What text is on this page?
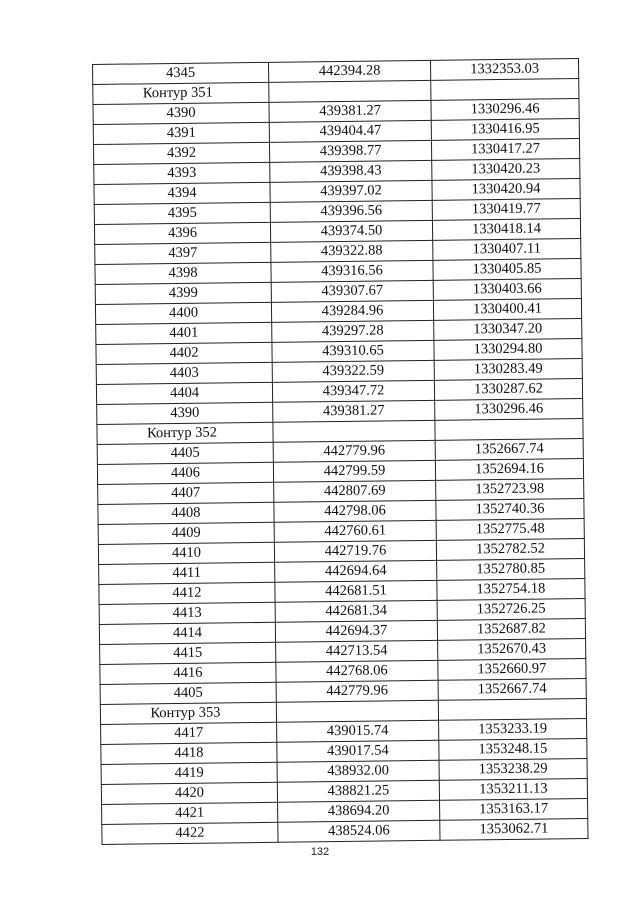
4345	442394.28	1332353.03
Контур 351		
4390	439381.27	1330296.46
4391	439404.47	1330416.95
4392	439398.77	1330417.27
4393	439398.43	1330420.23
4394	439397.02	1330420.94
4395	439396.56	1330419.77
4396	439374.50	1330418.14
4397	439322.88	1330407.11
4398	439316.56	1330405.85
4399	439307.67	1330403.66
4400	439284.96	1330400.41
4401	439297.28	1330347.20
4402	439310.65	1330294.80
4403	439322.59	1330283.49
4404	439347.72	1330287.62
4390	439381.27	1330296.46
Контур 352		
4405	442779.96	1352667.74
4406	442799.59	1352694.16
4407	442807.69	1352723.98
4408	442798.06	1352740.36
4409	442760.61	1352775.48
4410	442719.76	1352782.52
4411	442694.64	1352780.85
4412	442681.51	1352754.18
4413	442681.34	1352726.25
4414	442694.37	1352687.82
4415	442713.54	1352670.43
4416	442768.06	1352660.97
4405	442779.96	1352667.74
Контур 353		
4417	439015.74	1353233.19
4418	439017.54	1353248.15
4419	438932.00	1353238.29
4420	438821.25	1353211.13
4421	438694.20	1353163.17
4422	438524.06	1353062.71
132
